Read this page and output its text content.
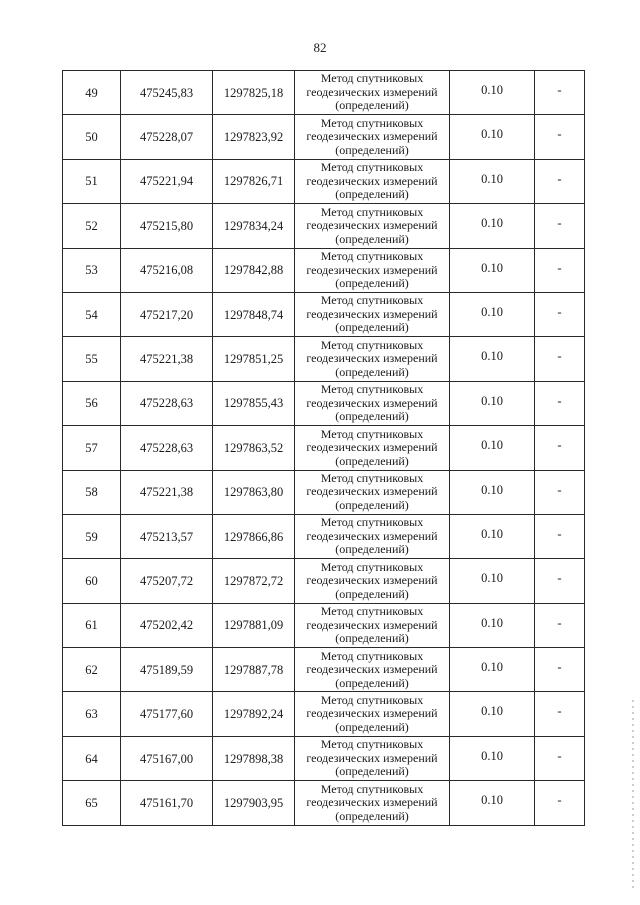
82
49	475245,83	1297825,18	Метод спутниковых
геодезических измерений
(определений)	0.10	-
50	475228,07	1297823,92	Метод спутниковых
геодезических измерений
(определений)	0.10	-
51	475221,94	1297826,71	Метод спутниковых
геодезических измерений
(определений)	0.10	-
52	475215,80	1297834,24	Метод спутниковых
геодезических измерений
(определений)	0.10	-
53	475216,08	1297842,88	Метод спутниковых
геодезических измерений
(определений)	0.10	-
54	475217,20	1297848,74	Метод спутниковых
геодезических измерений
(определений)	0.10	-
55	475221,38	1297851,25	Метод спутниковых
геодезических измерений
(определений)	0.10	-
56	475228,63	1297855,43	Метод спутниковых
геодезических измерений
(определений)	0.10	-
57	475228,63	1297863,52	Метод спутниковых
геодезических измерений
(определений)	0.10	-
58	475221,38	1297863,80	Метод спутниковых
геодезических измерений
(определений)	0.10	-
59	475213,57	1297866,86	Метод спутниковых
геодезических измерений
(определений)	0.10	-
60	475207,72	1297872,72	Метод спутниковых
геодезических измерений
(определений)	0.10	-
61	475202,42	1297881,09	Метод спутниковых
геодезических измерений
(определений)	0.10	-
62	475189,59	1297887,78	Метод спутниковых
геодезических измерений
(определений)	0.10	-
63	475177,60	1297892,24	Метод спутниковых
геодезических измерений
(определений)	0.10	-
64	475167,00	1297898,38	Метод спутниковых
геодезических измерений
(определений)	0.10	-
65	475161,70	1297903,95	Метод спутниковых
геодезических измерений
(определений)	0.10	-
